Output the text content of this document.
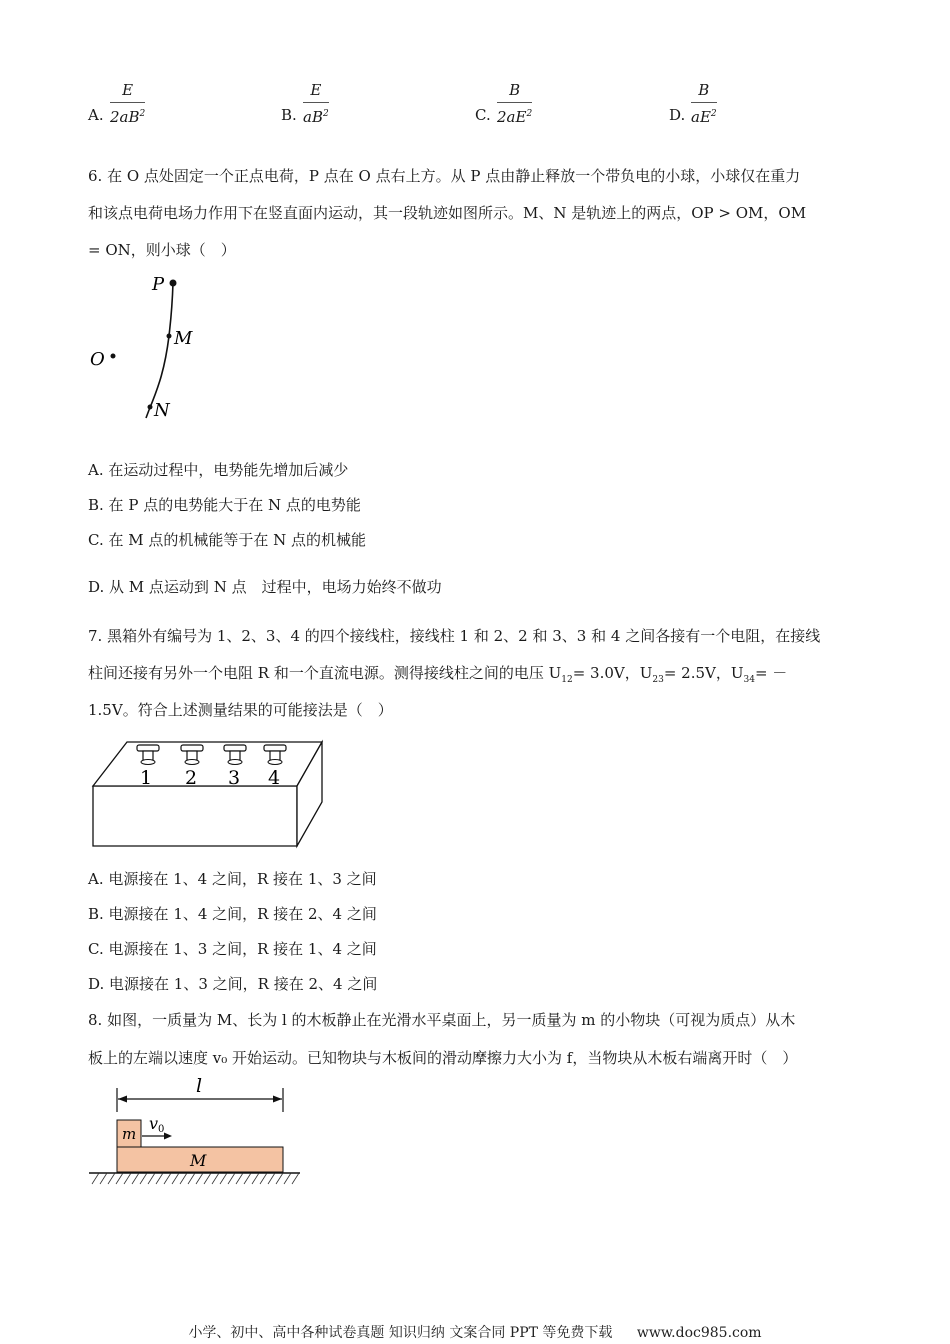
A.
E
$2aB^2$	B.
E
$aB^2$	C.
B
$2aE^2$	D.
B
$aE^2$
6. 在 O 点处固定一个正点电荷，P 点在 O 点右上方。从 P 点由静止释放一个带负电的小球，小球仅在重力
和该点电荷电场力作用下在竖直面内运动，其一段轨迹如图所示。M、N 是轨迹上的两点，OP > OM，OM
= ON，则小球（　）
P
M
O
N
A. 在运动过程中，电势能先增加后减少
B. 在 P 点的电势能大于在 N 点的电势能
C. 在 M 点的机械能等于在 N 点的机械能
D. 从 M 点运动到 N 点　过程中，电场力始终不做功
7. 黑箱外有编号为 1、2、3、4 的四个接线柱，接线柱 1 和 2、2 和 3、3 和 4 之间各接有一个电阻，在接线
柱间还接有另外一个电阻 R 和一个直流电源。测得接线柱之间的电压 $U_{12}= 3.0V$，$U_{23}= 2.5V$，$U_{34}=$ －
1.5V。符合上述测量结果的可能接法是（　）
1 2 3 4
A. 电源接在 1、4 之间，R 接在 1、3 之间
B. 电源接在 1、4 之间，R 接在 2、4 之间
C. 电源接在 1、3 之间，R 接在 1、4 之间
D. 电源接在 1、3 之间，R 接在 2、4 之间
8. 如图，一质量为 M、长为 l 的木板静止在光滑水平桌面上，另一质量为 m 的小物块（可视为质点）从木
板上的左端以速度 v₀ 开始运动。已知物块与木板间的滑动摩擦力大小为 f，当物块从木板右端离开时（　）
l
m
v0
M
小学、初中、高中各种试卷真题 知识归纳 文案合同 PPT 等免费下载 www.doc985.com
